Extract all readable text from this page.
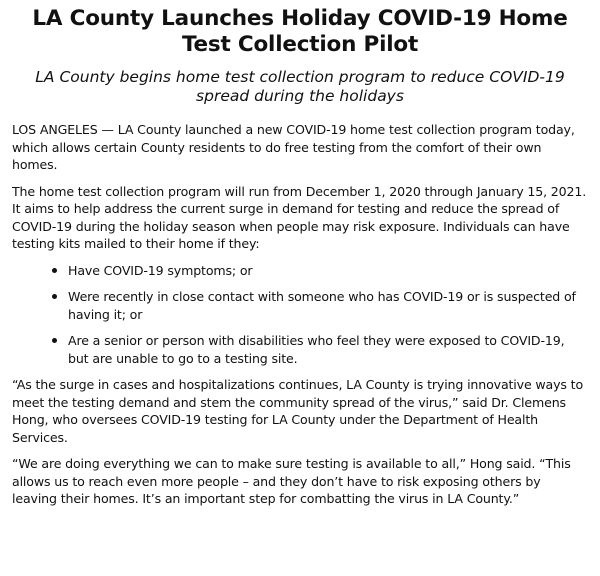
LA County Launches Holiday COVID-19 Home Test Collection Pilot

LA County begins home test collection program to reduce COVID-19 spread during the holidays

LOS ANGELES — LA County launched a new COVID-19 home test collection program today, which allows certain County residents to do free testing from the comfort of their own homes.

The home test collection program will run from December 1, 2020 through January 15, 2021. It aims to help address the current surge in demand for testing and reduce the spread of COVID-19 during the holiday season when people may risk exposure. Individuals can have testing kits mailed to their home if they:

Have COVID-19 symptoms; or
Were recently in close contact with someone who has COVID-19 or is suspected of having it; or
Are a senior or person with disabilities who feel they were exposed to COVID-19, but are unable to go to a testing site.

“As the surge in cases and hospitalizations continues, LA County is trying innovative ways to meet the testing demand and stem the community spread of the virus,” said Dr. Clemens Hong, who oversees COVID-19 testing for LA County under the Department of Health Services.

“We are doing everything we can to make sure testing is available to all,” Hong said. “This allows us to reach even more people – and they don’t have to risk exposing others by leaving their homes. It’s an important step for combatting the virus in LA County.”
